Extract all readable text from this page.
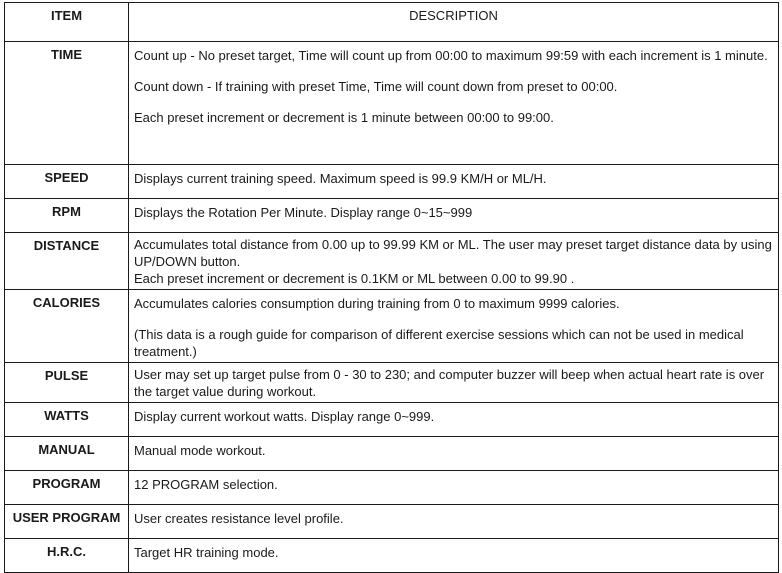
ITEM	DESCRIPTION
TIME	Count up - No preset target, Time will count up from 00:00 to maximum 99:59 with each increment is 1 minute.

Count down - If training with preset Time, Time will count down from preset to 00:00.

Each preset increment or decrement is 1 minute between 00:00 to 99:00.

SPEED	Displays current training speed. Maximum speed is 99.9 KM/H or ML/H.

RPM	Displays the Rotation Per Minute. Display range 0~15~999

DISTANCE	Accumulates total distance from 0.00 up to 99.99 KM or ML. The user may preset target distance data by using UP/DOWN button.

Each preset increment or decrement is 0.1KM or ML between 0.00 to 99.90 .

CALORIES	Accumulates calories consumption during training from 0 to maximum 9999 calories.

(This data is a rough guide for comparison of different exercise sessions which can not be used in medical treatment.)

PULSE	User may set up target pulse from 0 - 30 to 230; and computer buzzer will beep when actual heart rate is over the target value during workout.

WATTS	Display current workout watts. Display range 0~999.

MANUAL	Manual mode workout.

PROGRAM	12 PROGRAM selection.

USER PROGRAM	User creates resistance level profile.

H.R.C.	Target HR training mode.
